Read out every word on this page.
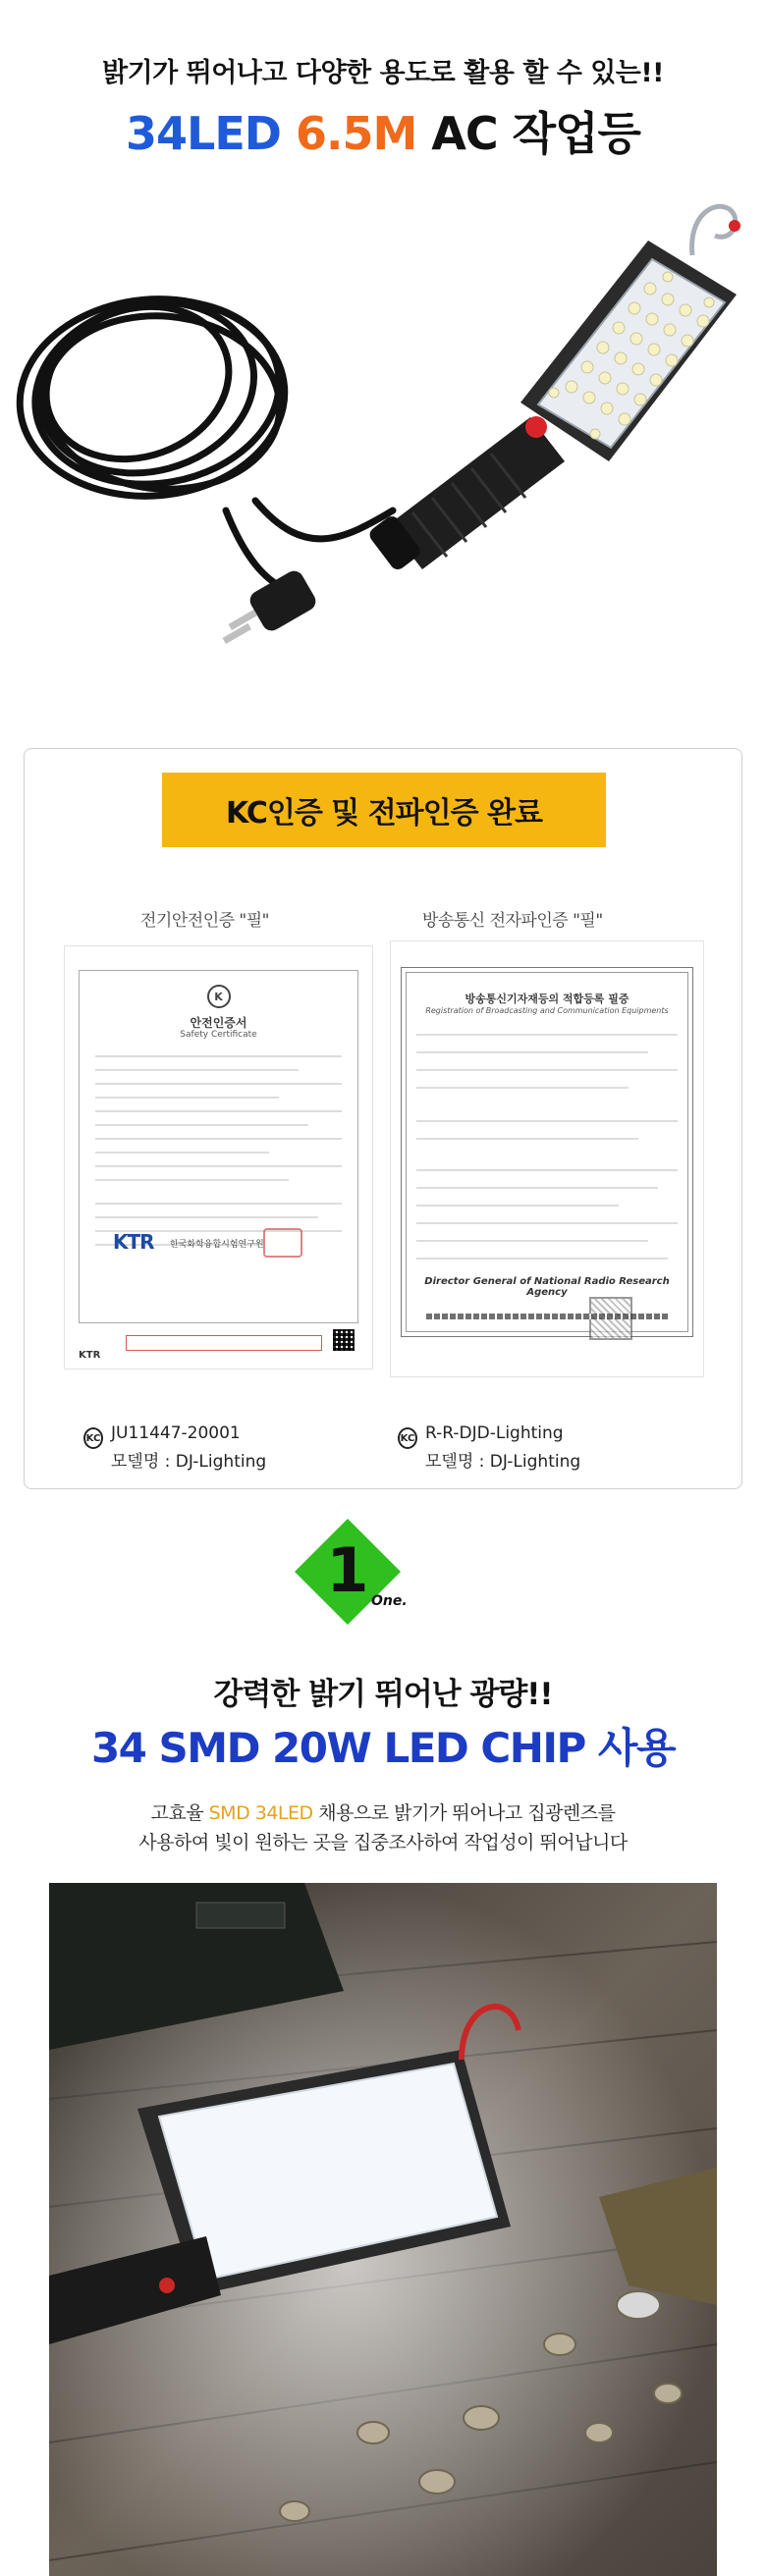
밝기가 뛰어나고 다양한 용도로 활용 할 수 있는!!
34LED 6.5M AC 작업등
KC인증 및 전파인증 완료
전기안전인증 "필"	방송통신 전자파인증 "필"
K
안전인증서
Safety Certificate
KTR 한국화학융합시험연구원
KTR
방송통신기자재등의 적합등록 필증
Registration of Broadcasting and Communication Equipments
Director General of National Radio Research Agency
KC JU11447-20001
모델명 : DJ-Lighting
KC R-R-DJD-Lighting
모델명 : DJ-Lighting
1 One.
강력한 밝기 뛰어난 광량!!
34 SMD 20W LED CHIP 사용
고효율 SMD 34LED 채용으로 밝기가 뛰어나고 집광렌즈를
사용하여 빛이 원하는 곳을 집중조사하여 작업성이 뛰어납니다
